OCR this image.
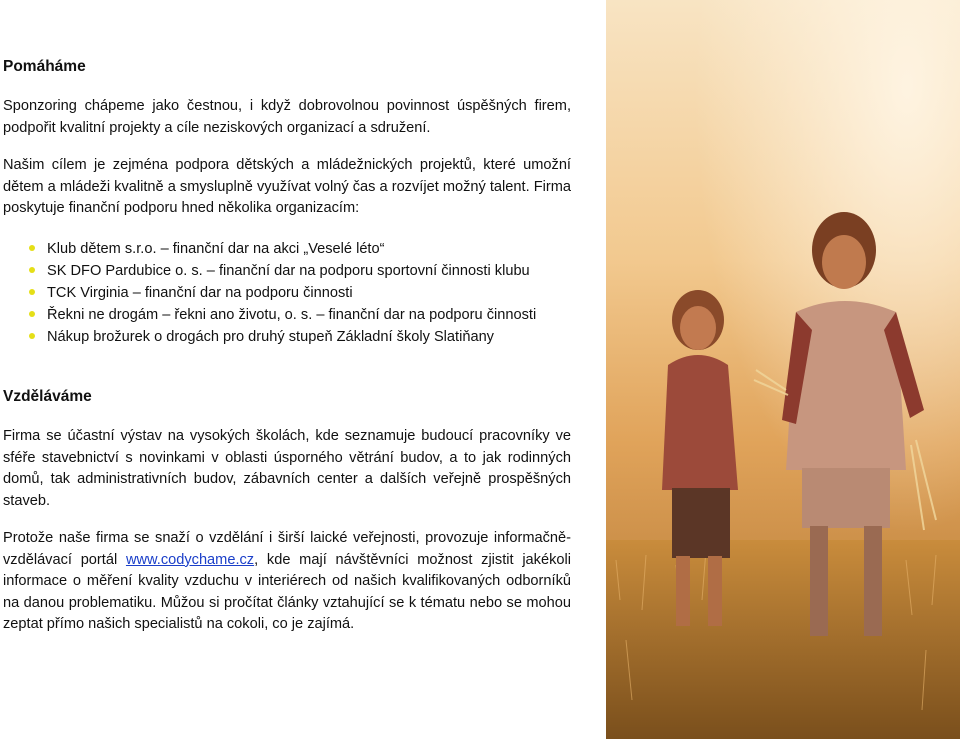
Pomáháme

Sponzoring chápeme jako čestnou, i když dobrovolnou povinnost úspěšných firem, podpořit kvalitní projekty a cíle neziskových organizací a sdružení.

Našim cílem je zejména podpora dětských a mládežnických projektů, které umožní dětem a mládeži kvalitně a smysluplně využívat volný čas a rozvíjet možný talent. Firma poskytuje finanční podporu hned několika organizacím:

Klub dětem s.r.o. – finanční dar na akci „Veselé léto“
SK DFO Pardubice o. s. – finanční dar na podporu sportovní činnosti klubu
TCK Virginia – finanční dar na podporu činnosti
Řekni ne drogám – řekni ano životu, o. s. – finanční dar na podporu činnosti
Nákup brožurek o drogách pro druhý stupeň Základní školy Slatiňany
Vzděláváme

Firma se účastní výstav na vysokých školách, kde seznamuje budoucí pracovníky ve sféře stavebnictví s novinkami v oblasti úsporného větrání budov, a to jak rodinných domů, tak administrativních budov, zábavních center a dalších veřejně prospěšných staveb.

Protože naše firma se snaží o vzdělání i širší laické veřejnosti, provozuje informačně-vzdělávací portál www.codychame.cz, kde mají návštěvníci možnost zjistit jakékoli informace o měření kvality vzduchu v interiérech od našich kvalifikovaných odborníků na danou problematiku. Můžou si pročítat články vztahující se k tématu nebo se mohou zeptat přímo našich specialistů na cokoli, co je zajímá.
